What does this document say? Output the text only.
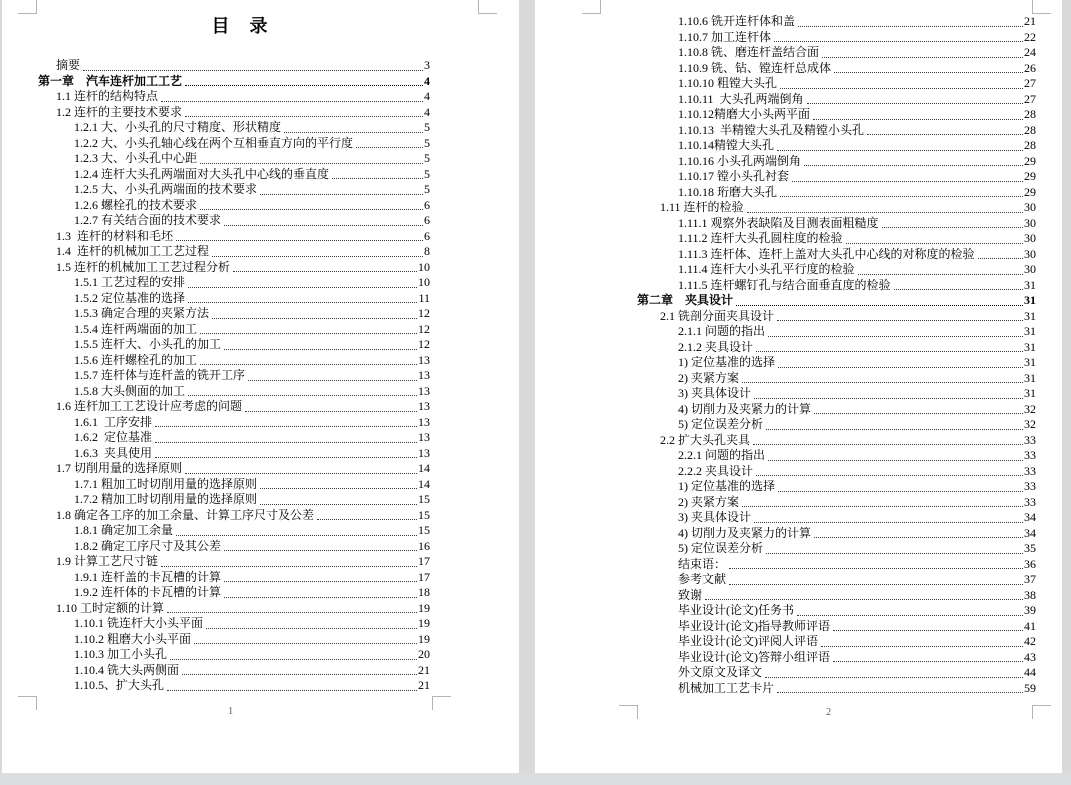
目　录
摘要	3
第一章　汽车连杆加工工艺	4
1.1 连杆的结构特点	4
1.2 连杆的主要技术要求	4
1.2.1 大、小头孔的尺寸精度、形状精度	5
1.2.2 大、小头孔轴心线在两个互相垂直方向的平行度	5
1.2.3 大、小头孔中心距	5
1.2.4 连杆大头孔两端面对大头孔中心线的垂直度	5
1.2.5 大、小头孔两端面的技术要求	5
1.2.6 螺栓孔的技术要求	6
1.2.7 有关结合面的技术要求	6
1.3  连杆的材料和毛坯	6
1.4  连杆的机械加工工艺过程	8
1.5 连杆的机械加工工艺过程分析	10
1.5.1 工艺过程的安排	10
1.5.2 定位基准的选择	11
1.5.3 确定合理的夹紧方法	12
1.5.4 连杆两端面的加工	12
1.5.5 连杆大、小头孔的加工	12
1.5.6 连杆螺栓孔的加工	13
1.5.7 连杆体与连杆盖的铣开工序	13
1.5.8 大头侧面的加工	13
1.6 连杆加工工艺设计应考虑的问题	13
1.6.1  工序安排	13
1.6.2  定位基准	13
1.6.3  夹具使用	13
1.7 切削用量的选择原则	14
1.7.1 粗加工时切削用量的选择原则	14
1.7.2 精加工时切削用量的选择原则	15
1.8 确定各工序的加工余量、计算工序尺寸及公差	15
1.8.1 确定加工余量	15
1.8.2 确定工序尺寸及其公差	16
1.9 计算工艺尺寸链	17
1.9.1 连杆盖的卡瓦槽的计算	17
1.9.2 连杆体的卡瓦槽的计算	18
1.10 工时定额的计算	19
1.10.1 铣连杆大小头平面	19
1.10.2 粗磨大小头平面	19
1.10.3 加工小头孔	20
1.10.4 铣大头两侧面	21
1.10.5、扩大头孔	21
1.10.6 铣开连杆体和盖	21
1.10.7 加工连杆体	22
1.10.8 铣、磨连杆盖结合面	24
1.10.9 铣、钻、镗连杆总成体	26
1.10.10 粗镗大头孔	27
1.10.11  大头孔两端倒角	27
1.10.12精磨大小头两平面	28
1.10.13  半精镗大头孔及精镗小头孔	28
1.10.14精镗大头孔	28
1.10.16 小头孔两端倒角	29
1.10.17 镗小头孔衬套	29
1.10.18 珩磨大头孔	29
1.11 连杆的检验	30
1.11.1 观察外表缺陷及目测表面粗糙度	30
1.11.2 连杆大头孔圆柱度的检验	30
1.11.3 连杆体、连杆上盖对大头孔中心线的对称度的检验	30
1.11.4 连杆大小头孔平行度的检验	30
1.11.5 连杆螺钉孔与结合面垂直度的检验	31
第二章　夹具设计	31
2.1 铣剖分面夹具设计	31
2.1.1 问题的指出	31
2.1.2 夹具设计	31
1) 定位基准的选择	31
2) 夹紧方案	31
3) 夹具体设计	31
4) 切削力及夹紧力的计算	32
5) 定位误差分析	32
2.2 扩大头孔夹具	33
2.2.1 问题的指出	33
2.2.2 夹具设计	33
1) 定位基准的选择	33
2) 夹紧方案	33
3) 夹具体设计	34
4) 切削力及夹紧力的计算	34
5) 定位误差分析	35
结束语：	36
参考文献	37
致谢	38
毕业设计(论文)任务书	39
毕业设计(论文)指导教师评语	41
毕业设计(论文)评阅人评语	42
毕业设计(论文)答辩小组评语	43
外文原文及译文	44
机械加工工艺卡片	59
1	2
